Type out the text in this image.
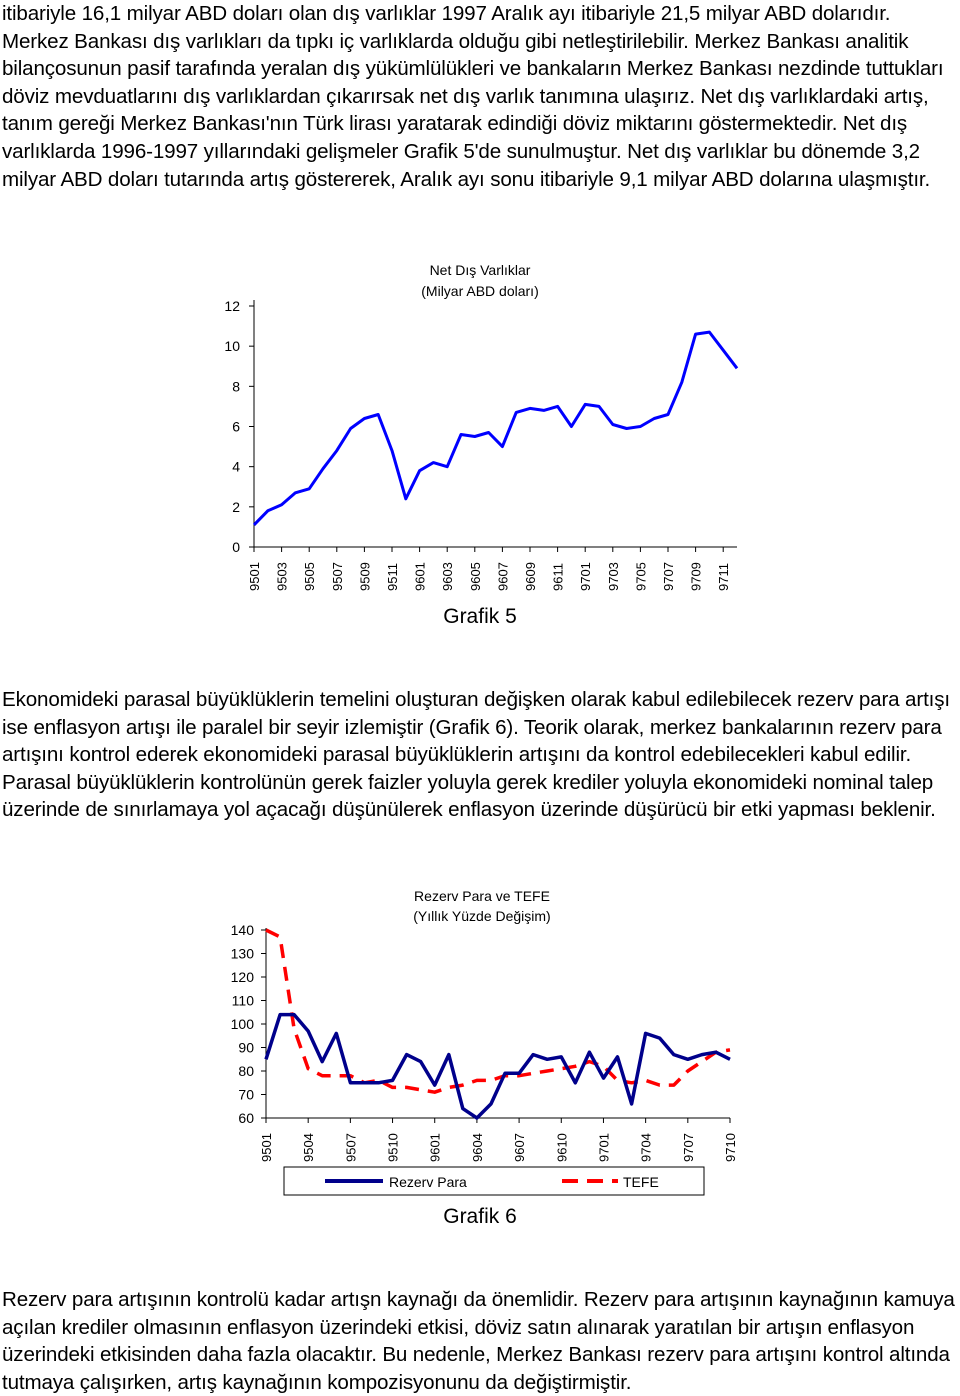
itibariyle 16,1 milyar ABD doları olan dış varlıklar 1997 Aralık ayı itibariyle 21,5 milyar ABD dolarıdır. Merkez Bankası dış varlıkları da tıpkı iç varlıklarda olduğu gibi netleştirilebilir. Merkez Bankası analitik bilançosunun pasif tarafında yeralan dış yükümlülükleri ve bankaların Merkez Bankası nezdinde tuttukları döviz mevduatlarını dış varlıklardan çıkarırsak net dış varlık tanımına ulaşırız. Net dış varlıklardaki artış, tanım gereği Merkez Bankası'nın Türk lirası yaratarak edindiği döviz miktarını göstermektedir. Net dış varlıklarda 1996-1997 yıllarındaki gelişmeler Grafik 5'de sunulmuştur. Net dış varlıklar bu dönemde 3,2 milyar ABD doları tutarında artış göstererek, Aralık ayı sonu itibariyle 9,1 milyar ABD dolarına ulaşmıştır.

Net Dış Varlıklar
(Milyar ABD doları)
0
2
4
6
8
10
12
9501 9503 9505 9507 9509 9511 9601 9603 9605 9607 9609 9611 9701 9703 9705 9707 9709 9711
Grafik 5

Ekonomideki parasal büyüklüklerin temelini oluşturan değişken olarak kabul edilebilecek rezerv para artışı ise enflasyon artışı ile paralel bir seyir izlemiştir (Grafik 6). Teorik olarak, merkez bankalarının rezerv para artışını kontrol ederek ekonomideki parasal büyüklüklerin artışını da kontrol edebilecekleri kabul edilir. Parasal büyüklüklerin kontrolünün gerek faizler yoluyla gerek krediler yoluyla ekonomideki nominal talep üzerinde de sınırlamaya yol açacağı düşünülerek enflasyon üzerinde düşürücü bir etki yapması beklenir.

Rezerv Para ve TEFE
(Yıllık Yüzde Değişim)
60
70
80
90
100
110
120
130
140
9501 9504 9507 9510 9601 9604 9607 9610 9701 9704 9707 9710
Rezerv Para	TEFE
Grafik 6

Rezerv para artışının kontrolü kadar artışn kaynağı da önemlidir. Rezerv para artışının kaynağının kamuya açılan krediler olmasının enflasyon üzerindeki etkisi, döviz satın alınarak yaratılan bir artışın enflasyon üzerindeki etkisinden daha fazla olacaktır. Bu nedenle, Merkez Bankası rezerv para artışını kontrol altında tutmaya çalışırken, artış kaynağının kompozisyonunu da değiştirmiştir.
